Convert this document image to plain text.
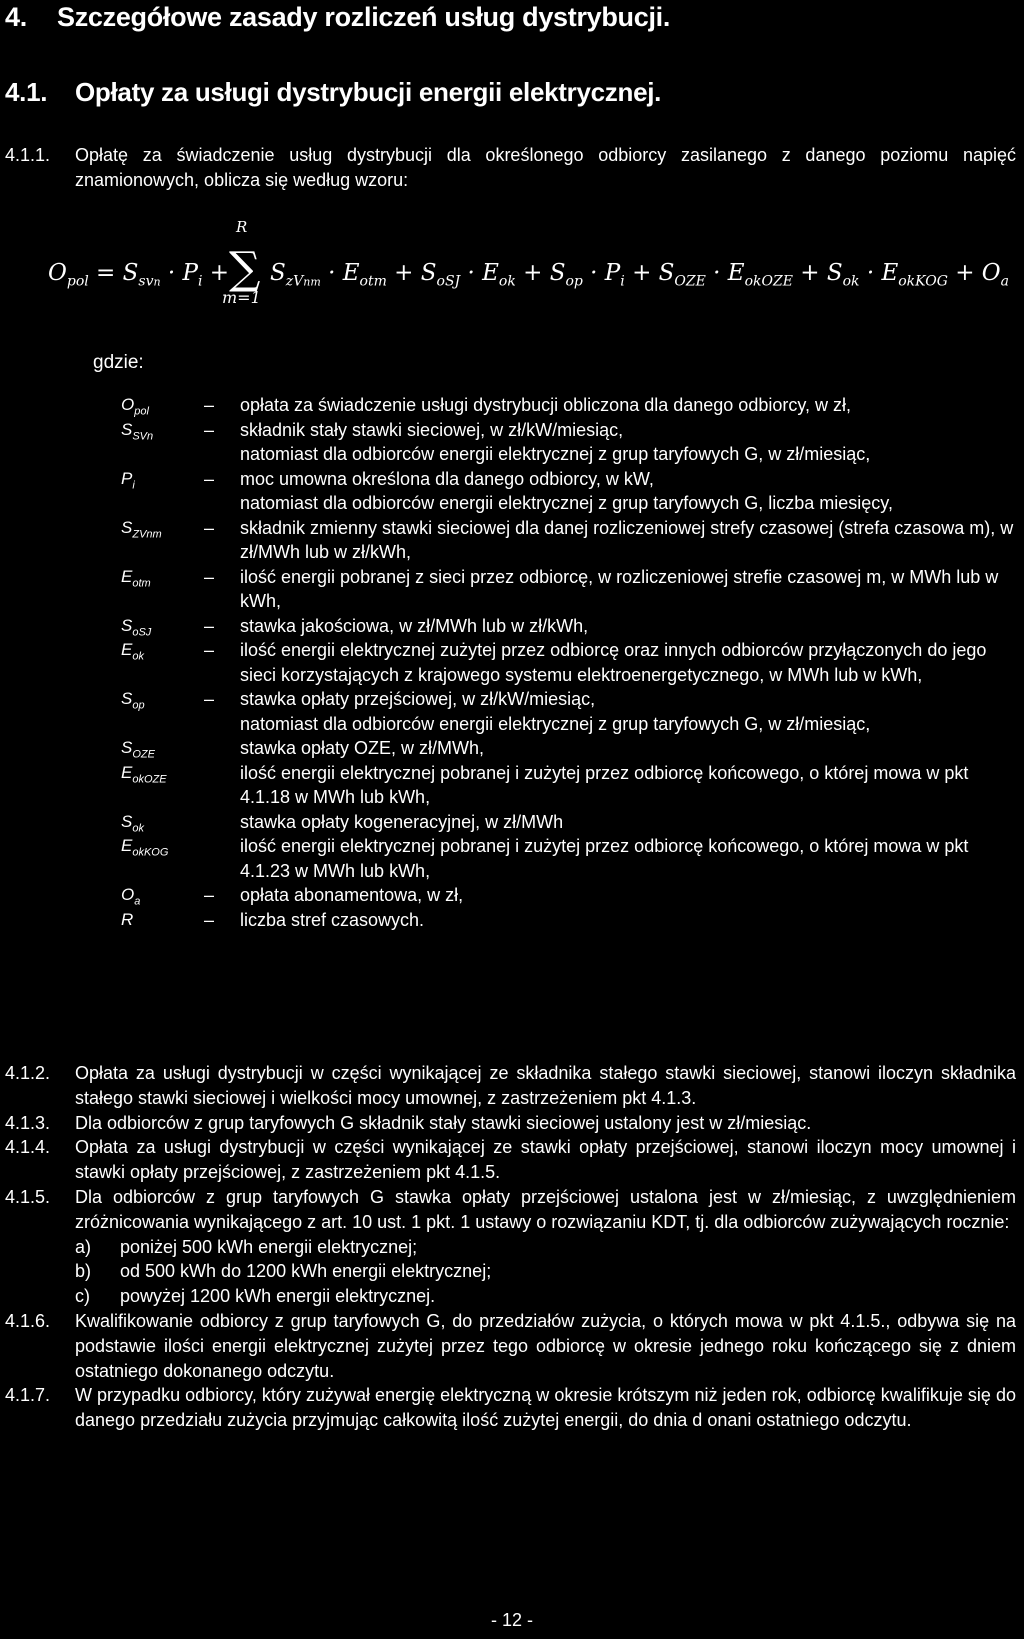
4. Szczegółowe zasady rozliczeń usług dystrybucji.
4.1. Opłaty za usługi dystrybucji energii elektrycznej.
4.1.1. Opłatę za świadczenie usług dystrybucji dla określonego odbiorcy zasilanego z danego poziomu napięć znamionowych, oblicza się według wzoru:
R
∑
m=1
$O_{pol} = S_{svn} \cdot P_i + S_{zVnm} \cdot E_{otm} + S_{oSJ} \cdot E_{ok} + S_{op} \cdot P_i + S_{OZE} \cdot E_{okOZE} + S_{ok} \cdot E_{okKOG} + O_a$
gdzie:
$O_{pol}$	– opłata za świadczenie usługi dystrybucji obliczona dla danego odbiorcy, w zł,
$S_{SVn}$	– składnik stały stawki sieciowej, w zł/kW/miesiąc,
natomiast dla odbiorców energii elektrycznej z grup taryfowych G, w zł/miesiąc,
$P_i$	– moc umowna określona dla danego odbiorcy, w kW,
natomiast dla odbiorców energii elektrycznej z grup taryfowych G, liczba miesięcy,
$S_{ZVnm}$ – składnik zmienny stawki sieciowej dla danej rozliczeniowej strefy czasowej (strefa czasowa m), w zł/MWh lub w zł/kWh,
$E_{otm}$	– ilość energii pobranej z sieci przez odbiorcę, w rozliczeniowej strefie czasowej m, w MWh lub w kWh,
$S_{oSJ}$	– stawka jakościowa, w zł/MWh lub w zł/kWh,
$E_{ok}$	– ilość energii elektrycznej zużytej przez odbiorcę oraz innych odbiorców przyłączonych do jego sieci korzystających z krajowego systemu elektroenergetycznego, w MWh lub w kWh,
$S_{op}$	– stawka opłaty przejściowej, w zł/kW/miesiąc,
natomiast dla odbiorców energii elektrycznej z grup taryfowych G, w zł/miesiąc,
$S_{OZE}$	stawka opłaty OZE, w zł/MWh,
$E_{okOZE}$	ilość energii elektrycznej pobranej i zużytej przez odbiorcę końcowego, o której mowa w pkt 4.1.18 w MWh lub kWh,
$S_{ok}$	stawka opłaty kogeneracyjnej, w zł/MWh
$E_{okKOG}$	ilość energii elektrycznej pobranej i zużytej przez odbiorcę końcowego, o której mowa w pkt 4.1.23 w MWh lub kWh,
$O_a$	– opłata abonamentowa, w zł,
R	– liczba stref czasowych.
4.1.2. Opłata za usługi dystrybucji w części wynikającej ze składnika stałego stawki sieciowej, stanowi iloczyn składnika stałego stawki sieciowej i wielkości mocy umownej, z zastrzeżeniem pkt 4.1.3.
4.1.3. Dla odbiorców z grup taryfowych G składnik stały stawki sieciowej ustalony jest w zł/miesiąc.
4.1.4. Opłata za usługi dystrybucji w części wynikającej ze stawki opłaty przejściowej, stanowi iloczyn mocy umownej i stawki opłaty przejściowej, z zastrzeżeniem pkt 4.1.5.
4.1.5. Dla odbiorców z grup taryfowych G stawka opłaty przejściowej ustalona jest w zł/miesiąc, z uwzględnieniem zróżnicowania wynikającego z art. 10 ust. 1 pkt. 1 ustawy o rozwiązaniu KDT, tj. dla odbiorców zużywających rocznie:
a) poniżej 500 kWh energii elektrycznej;
b) od 500 kWh do 1200 kWh energii elektrycznej;
c) powyżej 1200 kWh energii elektrycznej.
4.1.6. Kwalifikowanie odbiorcy z grup taryfowych G, do przedziałów zużycia, o których mowa w pkt 4.1.5., odbywa się na podstawie ilości energii elektrycznej zużytej przez tego odbiorcę w okresie jednego roku kończącego się z dniem ostatniego dokonanego odczytu.
4.1.7. W przypadku odbiorcy, który zużywał energię elektryczną w okresie krótszym niż jeden rok, odbiorcę kwalifikuje się do danego przedziału zużycia przyjmując całkowitą ilość zużytej energii, do dnia d onani ostatniego odczytu.
- 12 -
